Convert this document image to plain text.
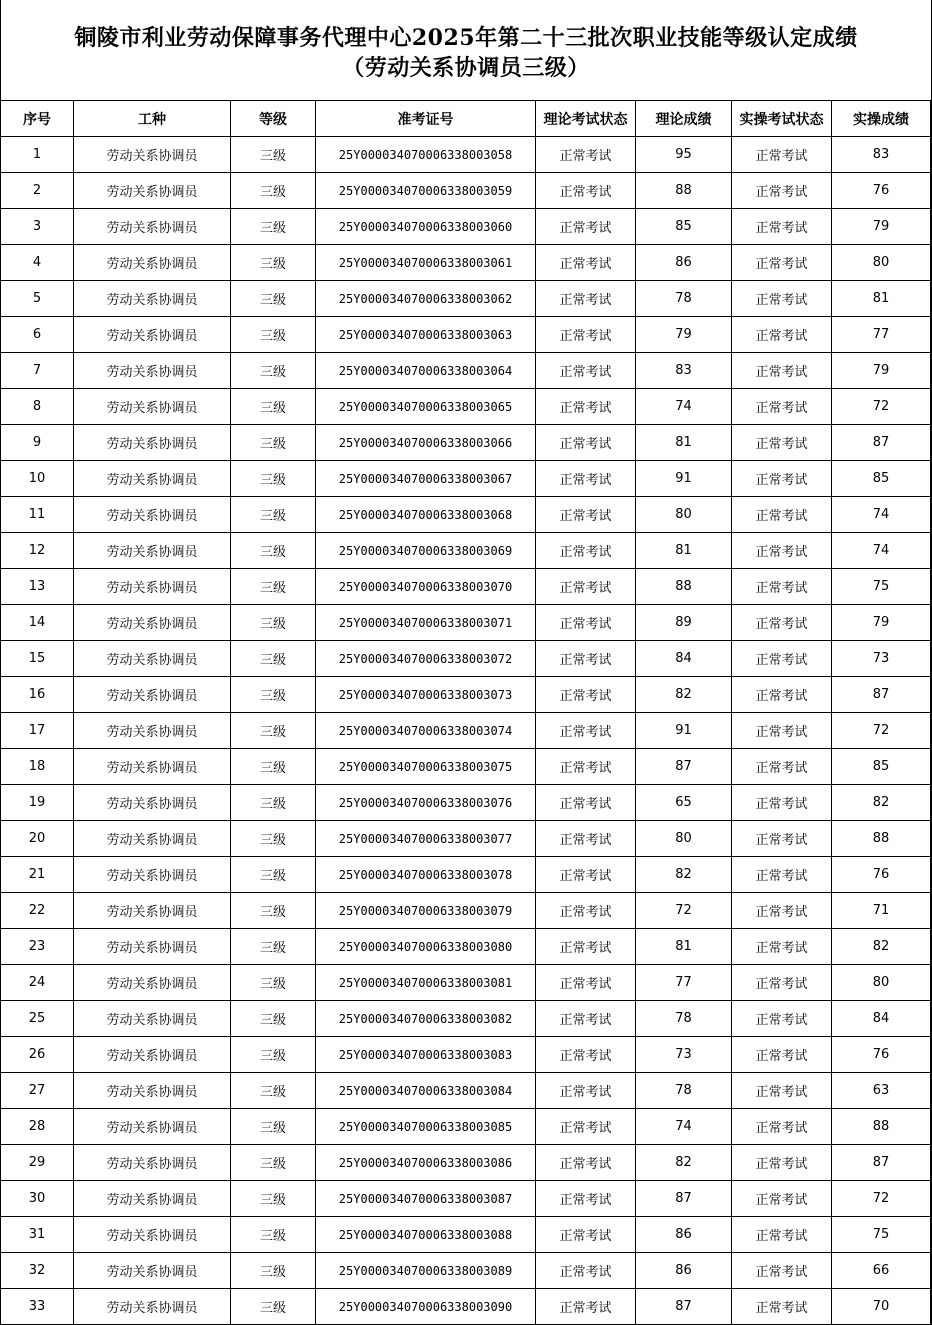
铜陵市利业劳动保障事务代理中心2025年第二十三批次职业技能等级认定成绩
（劳动关系协调员三级）
序号	工种	等级	准考证号	理论考试状态	理论成绩	实操考试状态	实操成绩
1	劳动关系协调员	三级	25Y000034070006338003058	正常考试	95	正常考试	83
2	劳动关系协调员	三级	25Y000034070006338003059	正常考试	88	正常考试	76
3	劳动关系协调员	三级	25Y000034070006338003060	正常考试	85	正常考试	79
4	劳动关系协调员	三级	25Y000034070006338003061	正常考试	86	正常考试	80
5	劳动关系协调员	三级	25Y000034070006338003062	正常考试	78	正常考试	81
6	劳动关系协调员	三级	25Y000034070006338003063	正常考试	79	正常考试	77
7	劳动关系协调员	三级	25Y000034070006338003064	正常考试	83	正常考试	79
8	劳动关系协调员	三级	25Y000034070006338003065	正常考试	74	正常考试	72
9	劳动关系协调员	三级	25Y000034070006338003066	正常考试	81	正常考试	87
10	劳动关系协调员	三级	25Y000034070006338003067	正常考试	91	正常考试	85
11	劳动关系协调员	三级	25Y000034070006338003068	正常考试	80	正常考试	74
12	劳动关系协调员	三级	25Y000034070006338003069	正常考试	81	正常考试	74
13	劳动关系协调员	三级	25Y000034070006338003070	正常考试	88	正常考试	75
14	劳动关系协调员	三级	25Y000034070006338003071	正常考试	89	正常考试	79
15	劳动关系协调员	三级	25Y000034070006338003072	正常考试	84	正常考试	73
16	劳动关系协调员	三级	25Y000034070006338003073	正常考试	82	正常考试	87
17	劳动关系协调员	三级	25Y000034070006338003074	正常考试	91	正常考试	72
18	劳动关系协调员	三级	25Y000034070006338003075	正常考试	87	正常考试	85
19	劳动关系协调员	三级	25Y000034070006338003076	正常考试	65	正常考试	82
20	劳动关系协调员	三级	25Y000034070006338003077	正常考试	80	正常考试	88
21	劳动关系协调员	三级	25Y000034070006338003078	正常考试	82	正常考试	76
22	劳动关系协调员	三级	25Y000034070006338003079	正常考试	72	正常考试	71
23	劳动关系协调员	三级	25Y000034070006338003080	正常考试	81	正常考试	82
24	劳动关系协调员	三级	25Y000034070006338003081	正常考试	77	正常考试	80
25	劳动关系协调员	三级	25Y000034070006338003082	正常考试	78	正常考试	84
26	劳动关系协调员	三级	25Y000034070006338003083	正常考试	73	正常考试	76
27	劳动关系协调员	三级	25Y000034070006338003084	正常考试	78	正常考试	63
28	劳动关系协调员	三级	25Y000034070006338003085	正常考试	74	正常考试	88
29	劳动关系协调员	三级	25Y000034070006338003086	正常考试	82	正常考试	87
30	劳动关系协调员	三级	25Y000034070006338003087	正常考试	87	正常考试	72
31	劳动关系协调员	三级	25Y000034070006338003088	正常考试	86	正常考试	75
32	劳动关系协调员	三级	25Y000034070006338003089	正常考试	86	正常考试	66
33	劳动关系协调员	三级	25Y000034070006338003090	正常考试	87	正常考试	70
